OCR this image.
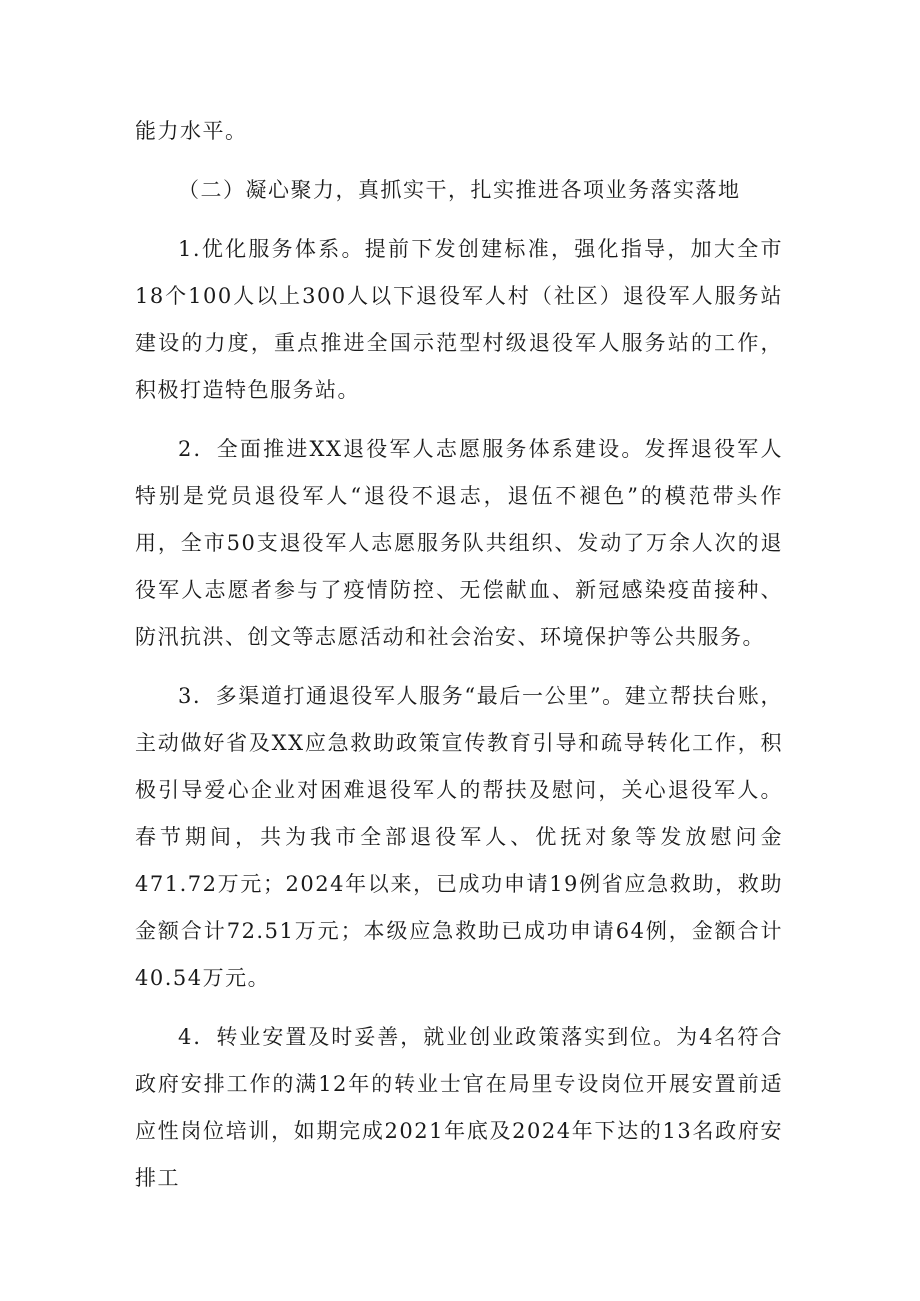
能力水平。

（二）凝心聚力，真抓实干，扎实推进各项业务落实落地

1.优化服务体系。提前下发创建标准，强化指导，加大全市18个100人以上300人以下退役军人村（社区）退役军人服务站建设的力度，重点推进全国示范型村级退役军人服务站的工作，积极打造特色服务站。

2．全面推进XX退役军人志愿服务体系建设。发挥退役军人特别是党员退役军人“退役不退志，退伍不褪色”的模范带头作用，全市50支退役军人志愿服务队共组织、发动了万余人次的退役军人志愿者参与了疫情防控、无偿献血、新冠感染疫苗接种、防汛抗洪、创文等志愿活动和社会治安、环境保护等公共服务。

3．多渠道打通退役军人服务“最后一公里”。建立帮扶台账，主动做好省及XX应急救助政策宣传教育引导和疏导转化工作，积极引导爱心企业对困难退役军人的帮扶及慰问，关心退役军人。春节期间，共为我市全部退役军人、优抚对象等发放慰问金471.72万元；2024年以来，已成功申请19例省应急救助，救助金额合计72.51万元；本级应急救助已成功申请64例，金额合计40.54万元。

4．转业安置及时妥善，就业创业政策落实到位。为4名符合政府安排工作的满12年的转业士官在局里专设岗位开展安置前适应性岗位培训，如期完成2021年底及2024年下达的13名政府安排工
